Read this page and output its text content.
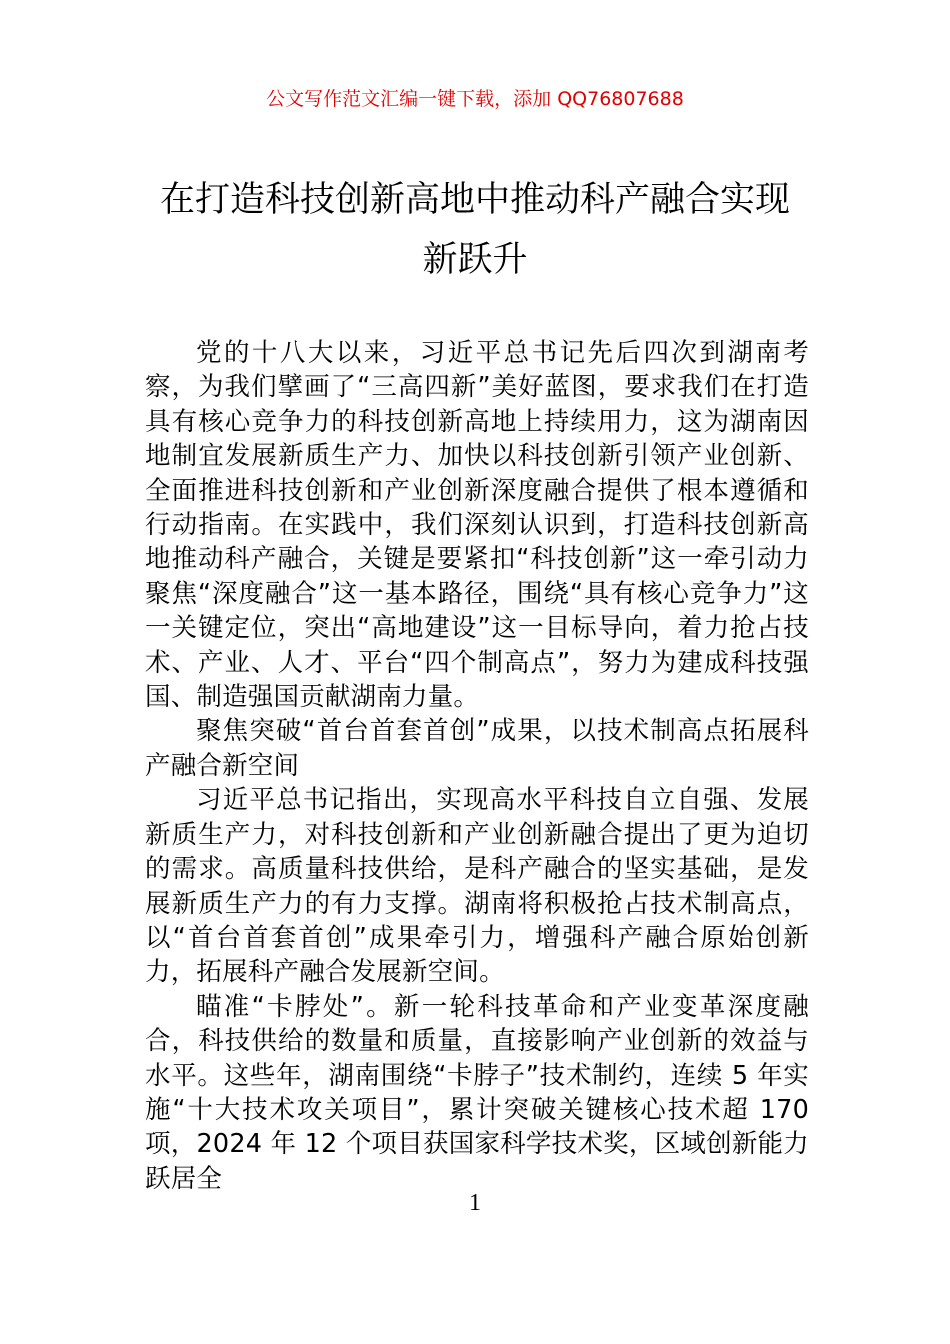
公文写作范文汇编一键下载，添加 QQ76807688
在打造科技创新高地中推动科产融合实现新跃升

党的十八大以来，习近平总书记先后四次到湖南考察，为我们擘画了“三高四新”美好蓝图，要求我们在打造具有核心竞争力的科技创新高地上持续用力，这为湖南因地制宜发展新质生产力、加快以科技创新引领产业创新、全面推进科技创新和产业创新深度融合提供了根本遵循和行动指南。在实践中，我们深刻认识到，打造科技创新高地推动科产融合，关键是要紧扣“科技创新”这一牵引动力聚焦“深度融合”这一基本路径，围绕“具有核心竞争力”这一关键定位，突出“高地建设”这一目标导向，着力抢占技术、产业、人才、平台“四个制高点”，努力为建成科技强国、制造强国贡献湖南力量。

聚焦突破“首台首套首创”成果，以技术制高点拓展科产融合新空间

习近平总书记指出，实现高水平科技自立自强、发展新质生产力，对科技创新和产业创新融合提出了更为迫切的需求。高质量科技供给，是科产融合的坚实基础，是发展新质生产力的有力支撑。湖南将积极抢占技术制高点，以“首台首套首创”成果牵引力，增强科产融合原始创新力，拓展科产融合发展新空间。

瞄准“卡脖处”。新一轮科技革命和产业变革深度融合，科技供给的数量和质量，直接影响产业创新的效益与水平。这些年，湖南围绕“卡脖子”技术制约，连续 5 年实施“十大技术攻关项目”，累计突破关键核心技术超 170 项，2024 年 12 个项目获国家科学技术奖，区域创新能力跃居全

1
